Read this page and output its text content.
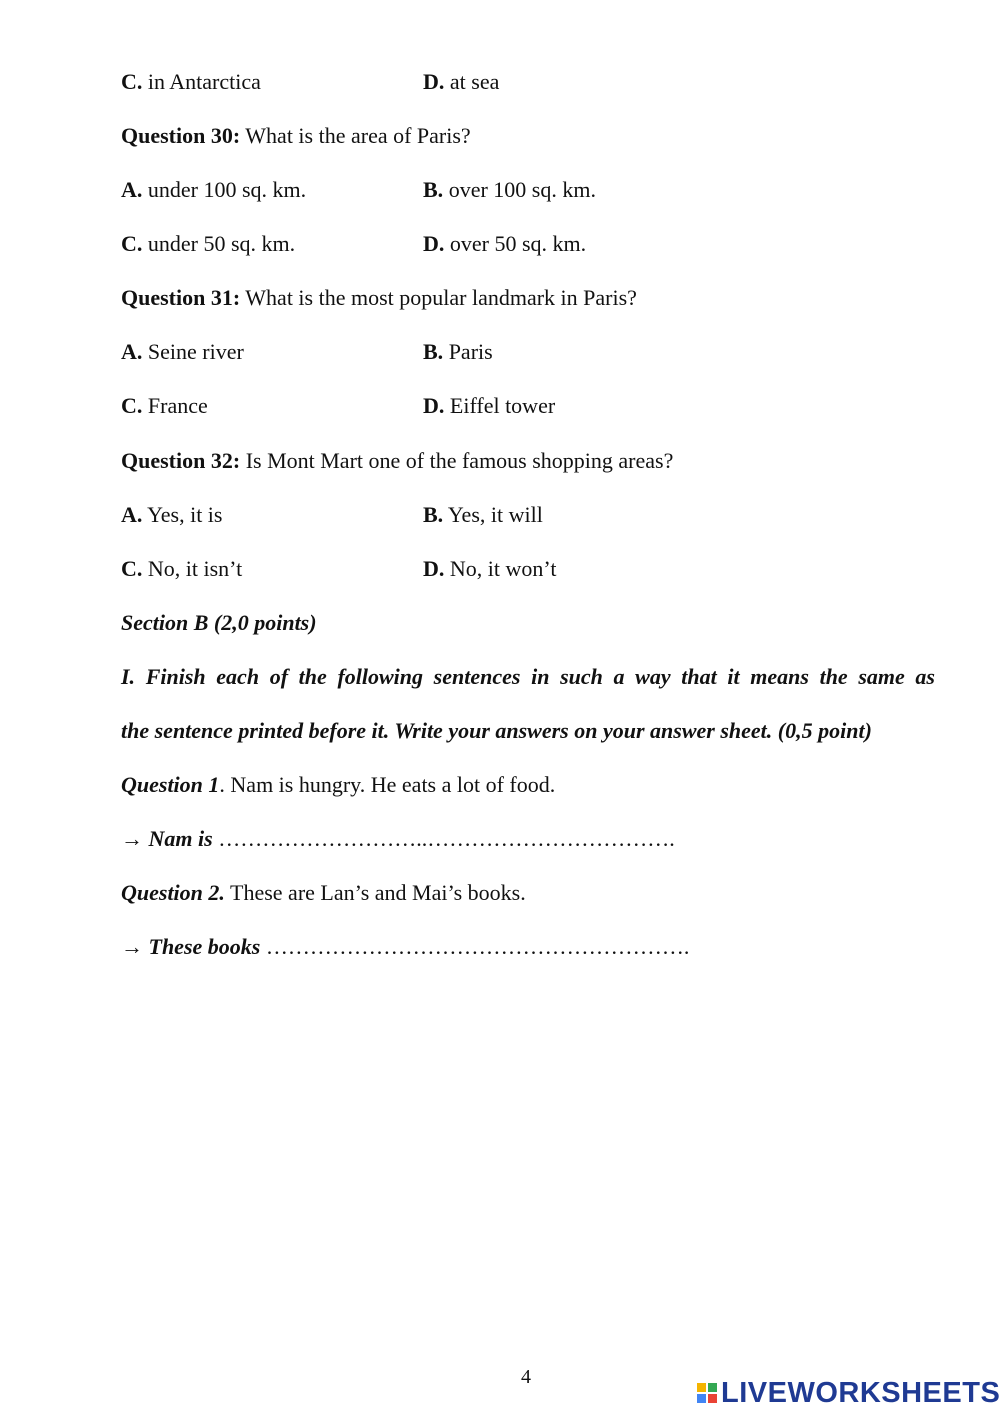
C. in Antarctica	D. at sea
Question 30: What is the area of Paris?
A. under 100 sq. km.	B. over 100 sq. km.
C. under 50 sq. km.	D. over 50 sq. km.
Question 31: What is the most popular landmark in Paris?
A. Seine river	B. Paris
C. France	D. Eiffel tower
Question 32: Is Mont Mart one of the famous shopping areas?
A. Yes, it is	B. Yes, it will
C. No, it isn’t	D. No, it won’t
Section B (2,0 points)
I. Finish each of the following sentences in such a way that it means the same as
the sentence printed before it. Write your answers on your answer sheet. (0,5 point)
Question 1. Nam is hungry. He eats a lot of food.
→ Nam is ………………………..…………………………….
Question 2. These are Lan’s and Mai’s books.
→ These books ………………………………………………….
4	LIVEWORKSHEETS
